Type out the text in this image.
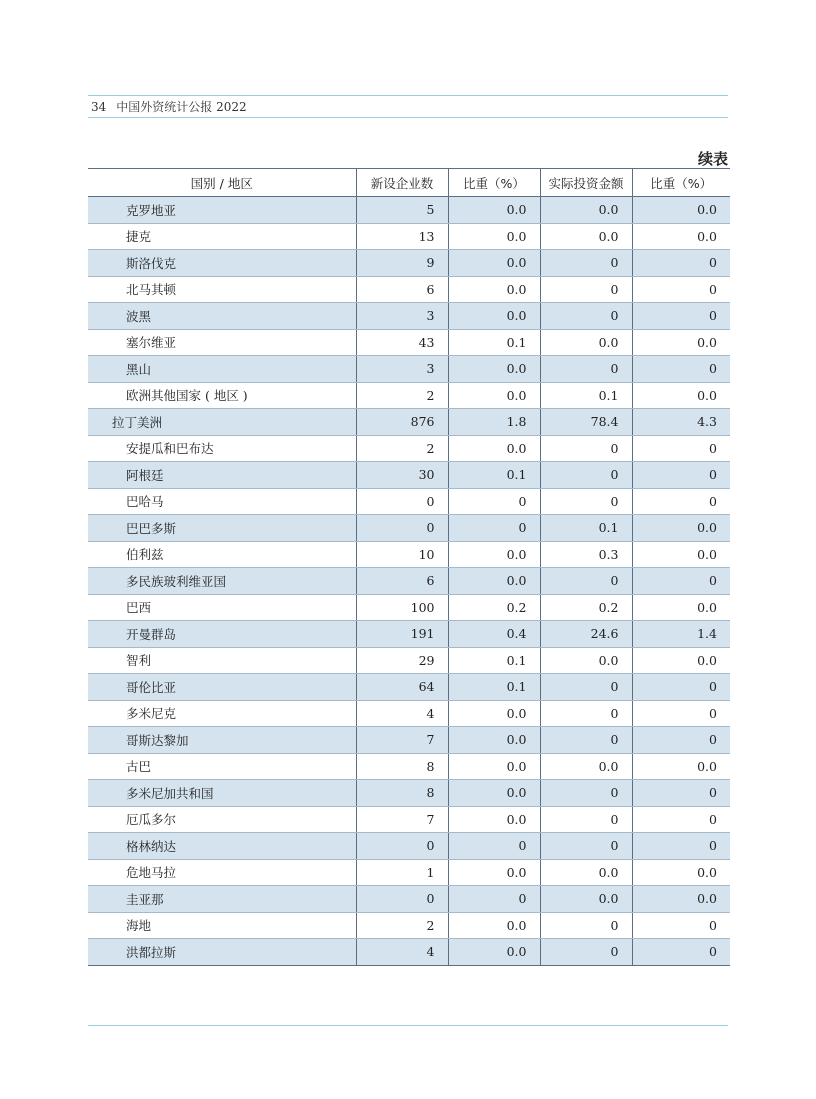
34 中国外资统计公报 2022
续表
国别 / 地区	新设企业数	比重（%）	实际投资金额	比重（%）
克罗地亚	5	0.0	0.0	0.0
捷克	13	0.0	0.0	0.0
斯洛伐克	9	0.0	0	0
北马其顿	6	0.0	0	0
波黑	3	0.0	0	0
塞尔维亚	43	0.1	0.0	0.0
黑山	3	0.0	0	0
欧洲其他国家 ( 地区 )	2	0.0	0.1	0.0
拉丁美洲	876	1.8	78.4	4.3
安提瓜和巴布达	2	0.0	0	0
阿根廷	30	0.1	0	0
巴哈马	0	0	0	0
巴巴多斯	0	0	0.1	0.0
伯利兹	10	0.0	0.3	0.0
多民族玻利维亚国	6	0.0	0	0
巴西	100	0.2	0.2	0.0
开曼群岛	191	0.4	24.6	1.4
智利	29	0.1	0.0	0.0
哥伦比亚	64	0.1	0	0
多米尼克	4	0.0	0	0
哥斯达黎加	7	0.0	0	0
古巴	8	0.0	0.0	0.0
多米尼加共和国	8	0.0	0	0
厄瓜多尔	7	0.0	0	0
格林纳达	0	0	0	0
危地马拉	1	0.0	0.0	0.0
圭亚那	0	0	0.0	0.0
海地	2	0.0	0	0
洪都拉斯	4	0.0	0	0
